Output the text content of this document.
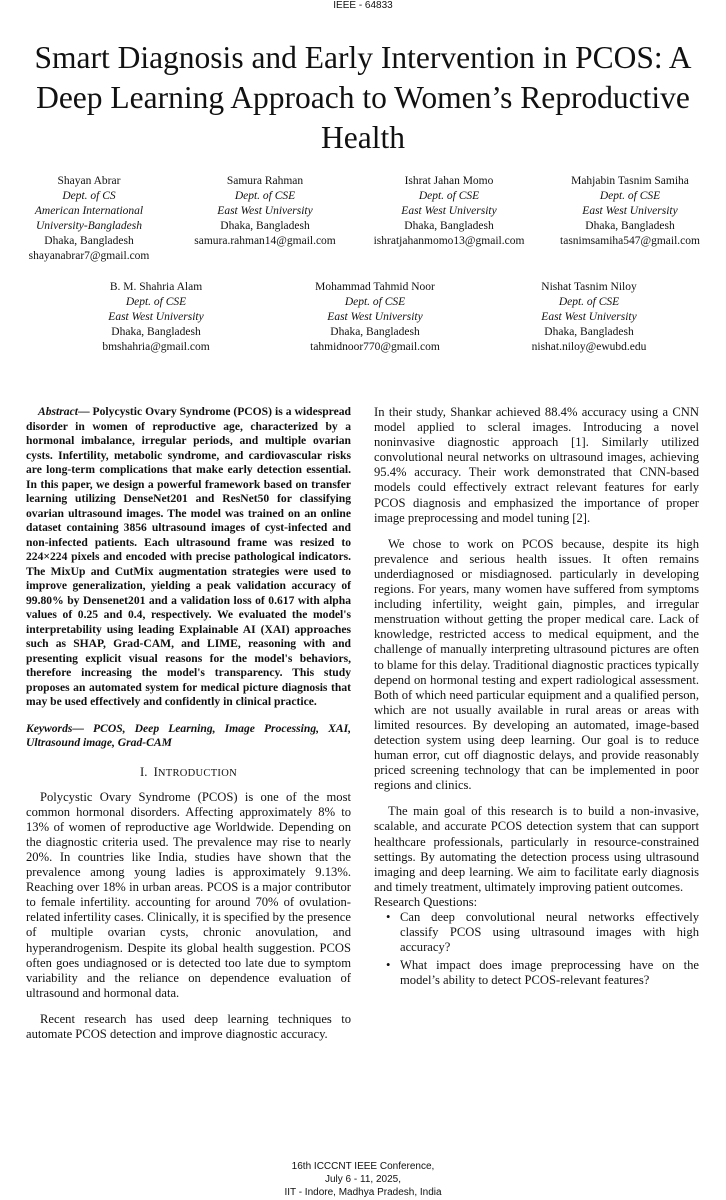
IEEE - 64833
Smart Diagnosis and Early Intervention in PCOS: A Deep Learning Approach to Women’s Reproductive Health
Shayan Abrar
Dept. of CS
American International University-Bangladesh
Dhaka, Bangladesh
shayanabrar7@gmail.com
Samura Rahman
Dept. of CSE
East West University
Dhaka, Bangladesh
samura.rahman14@gmail.com
Ishrat Jahan Momo
Dept. of CSE
East West University
Dhaka, Bangladesh
ishratjahanmomo13@gmail.com
Mahjabin Tasnim Samiha
Dept. of CSE
East West University
Dhaka, Bangladesh
tasnimsamiha547@gmail.com
B. M. Shahria Alam
Dept. of CSE
East West University
Dhaka, Bangladesh
bmshahria@gmail.com
Mohammad Tahmid Noor
Dept. of CSE
East West University
Dhaka, Bangladesh
tahmidnoor770@gmail.com
Nishat Tasnim Niloy
Dept. of CSE
East West University
Dhaka, Bangladesh
nishat.niloy@ewubd.edu

Abstract— Polycystic Ovary Syndrome (PCOS) is a widespread disorder in women of reproductive age, characterized by a hormonal imbalance, irregular periods, and multiple ovarian cysts. Infertility, metabolic syndrome, and cardiovascular risks are long-term complications that make early detection essential. In this paper, we design a powerful framework based on transfer learning utilizing DenseNet201 and ResNet50 for classifying ovarian ultrasound images. The model was trained on an online dataset containing 3856 ultrasound images of cyst-infected and non-infected patients. Each ultrasound frame was resized to 224×224 pixels and encoded with precise pathological indicators. The MixUp and CutMix augmentation strategies were used to improve generalization, yielding a peak validation accuracy of 99.80% by Densenet201 and a validation loss of 0.617 with alpha values of 0.25 and 0.4, respectively. We evaluated the model's interpretability using leading Explainable AI (XAI) approaches such as SHAP, Grad-CAM, and LIME, reasoning with and presenting explicit visual reasons for the model's behaviors, therefore increasing the model's transparency. This study proposes an automated system for medical picture diagnosis that may be used effectively and confidently in clinical practice.

Keywords— PCOS, Deep Learning, Image Processing, XAI, Ultrasound image, Grad-CAM

I. INTRODUCTION

Polycystic Ovary Syndrome (PCOS) is one of the most common hormonal disorders. Affecting approximately 8% to 13% of women of reproductive age Worldwide. Depending on the diagnostic criteria used. The prevalence may rise to nearly 20%. In countries like India, studies have shown that the prevalence among young ladies is approximately 9.13%. Reaching over 18% in urban areas. PCOS is a major contributor to female infertility. accounting for around 70% of ovulation-related infertility cases. Clinically, it is specified by the presence of multiple ovarian cysts, chronic anovulation, and hyperandrogenism. Despite its global health suggestion. PCOS often goes undiagnosed or is detected too late due to symptom variability and the reliance on dependence evaluation of ultrasound and hormonal data.

Recent research has used deep learning techniques to automate PCOS detection and improve diagnostic accuracy.

In their study, Shankar achieved 88.4% accuracy using a CNN model applied to scleral images. Introducing a novel noninvasive diagnostic approach [1]. Similarly utilized convolutional neural networks on ultrasound images, achieving 95.4% accuracy. Their work demonstrated that CNN-based models could effectively extract relevant features for early PCOS diagnosis and emphasized the importance of proper image preprocessing and model tuning [2].

We chose to work on PCOS because, despite its high prevalence and serious health issues. It often remains underdiagnosed or misdiagnosed. particularly in developing regions. For years, many women have suffered from symptoms including infertility, weight gain, pimples, and irregular menstruation without getting the proper medical care. Lack of knowledge, restricted access to medical equipment, and the challenge of manually interpreting ultrasound pictures are often to blame for this delay. Traditional diagnostic practices typically depend on hormonal testing and expert radiological assessment. Both of which need particular equipment and a qualified person, which are not usually available in rural areas or areas with limited resources. By developing an automated, image-based detection system using deep learning. Our goal is to reduce human error, cut off diagnostic delays, and provide reasonably priced screening technology that can be implemented in poor regions and clinics.

The main goal of this research is to build a non-invasive, scalable, and accurate PCOS detection system that can support healthcare professionals, particularly in resource-constrained settings. By automating the detection process using ultrasound imaging and deep learning. We aim to facilitate early diagnosis and timely treatment, ultimately improving patient outcomes.

Research Questions:

• Can deep convolutional neural networks effectively classify PCOS using ultrasound images with high accuracy?
• What impact does image preprocessing have on the model’s ability to detect PCOS-relevant features?
16th ICCCNT IEEE Conference,
July 6 - 11, 2025,
IIT - Indore, Madhya Pradesh, India
